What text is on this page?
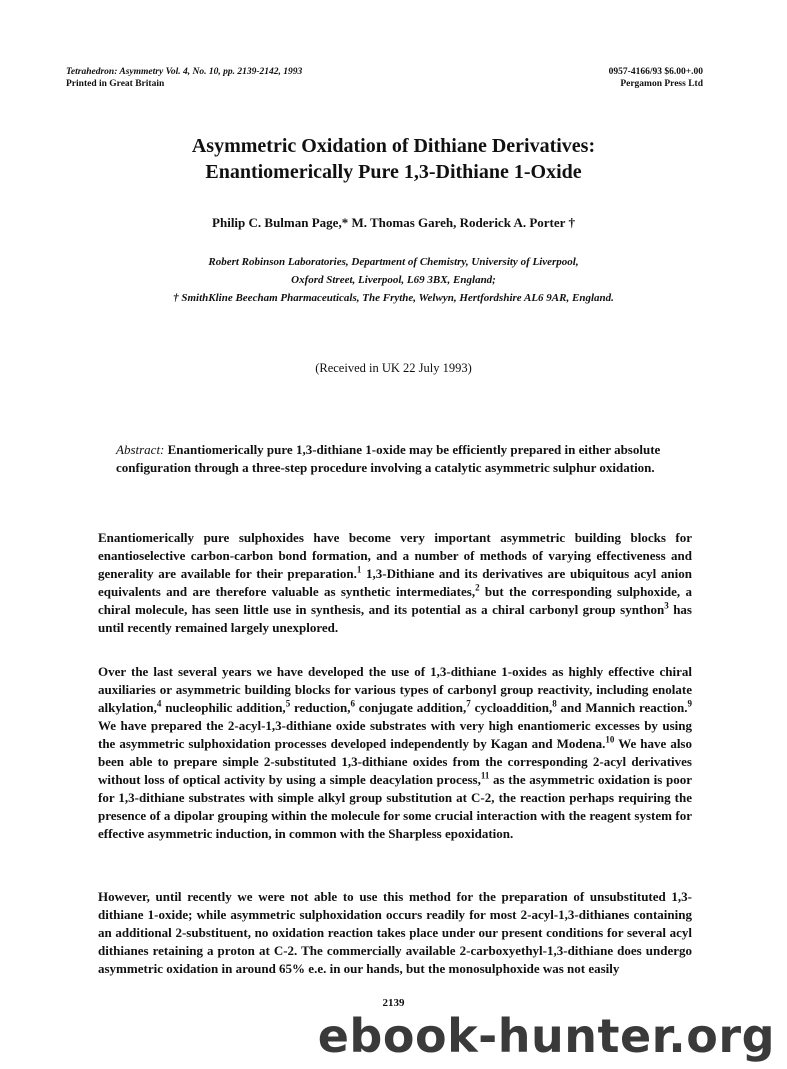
Tetrahedron: Asymmetry Vol. 4, No. 10, pp. 2139-2142, 1993
Printed in Great Britain
0957-4166/93 $6.00+.00
Pergamon Press Ltd
Asymmetric Oxidation of Dithiane Derivatives:
Enantiomerically Pure 1,3-Dithiane 1-Oxide
Philip C. Bulman Page,* M. Thomas Gareh, Roderick A. Porter †
Robert Robinson Laboratories, Department of Chemistry, University of Liverpool,
Oxford Street, Liverpool, L69 3BX, England;
† SmithKline Beecham Pharmaceuticals, The Frythe, Welwyn, Hertfordshire AL6 9AR, England.
(Received in UK 22 July 1993)
Abstract: Enantiomerically pure 1,3-dithiane 1-oxide may be efficiently prepared in either absolute configuration through a three-step procedure involving a catalytic asymmetric sulphur oxidation.
Enantiomerically pure sulphoxides have become very important asymmetric building blocks for enantioselective carbon-carbon bond formation, and a number of methods of varying effectiveness and generality are available for their preparation.$^1$ 1,3-Dithiane and its derivatives are ubiquitous acyl anion equivalents and are therefore valuable as synthetic intermediates,$^2$ but the corresponding sulphoxide, a chiral molecule, has seen little use in synthesis, and its potential as a chiral carbonyl group synthon$^3$ has until recently remained largely unexplored.
Over the last several years we have developed the use of 1,3-dithiane 1-oxides as highly effective chiral auxiliaries or asymmetric building blocks for various types of carbonyl group reactivity, including enolate alkylation,$^4$ nucleophilic addition,$^5$ reduction,$^6$ conjugate addition,$^7$ cycloaddition,$^8$ and Mannich reaction.$^9$ We have prepared the 2-acyl-1,3-dithiane oxide substrates with very high enantiomeric excesses by using the asymmetric sulphoxidation processes developed independently by Kagan and Modena.$^{10}$ We have also been able to prepare simple 2-substituted 1,3-dithiane oxides from the corresponding 2-acyl derivatives without loss of optical activity by using a simple deacylation process,$^{11}$ as the asymmetric oxidation is poor for 1,3-dithiane substrates with simple alkyl group substitution at C-2, the reaction perhaps requiring the presence of a dipolar grouping within the molecule for some crucial interaction with the reagent system for effective asymmetric induction, in common with the Sharpless epoxidation.
However, until recently we were not able to use this method for the preparation of unsubstituted 1,3-dithiane 1-oxide; while asymmetric sulphoxidation occurs readily for most 2-acyl-1,3-dithianes containing an additional 2-substituent, no oxidation reaction takes place under our present conditions for several acyl dithianes retaining a proton at C-2. The commercially available 2-carboxyethyl-1,3-dithiane does undergo asymmetric oxidation in around 65% e.e. in our hands, but the monosulphoxide was not easily
2139
ebook-hunter.org
